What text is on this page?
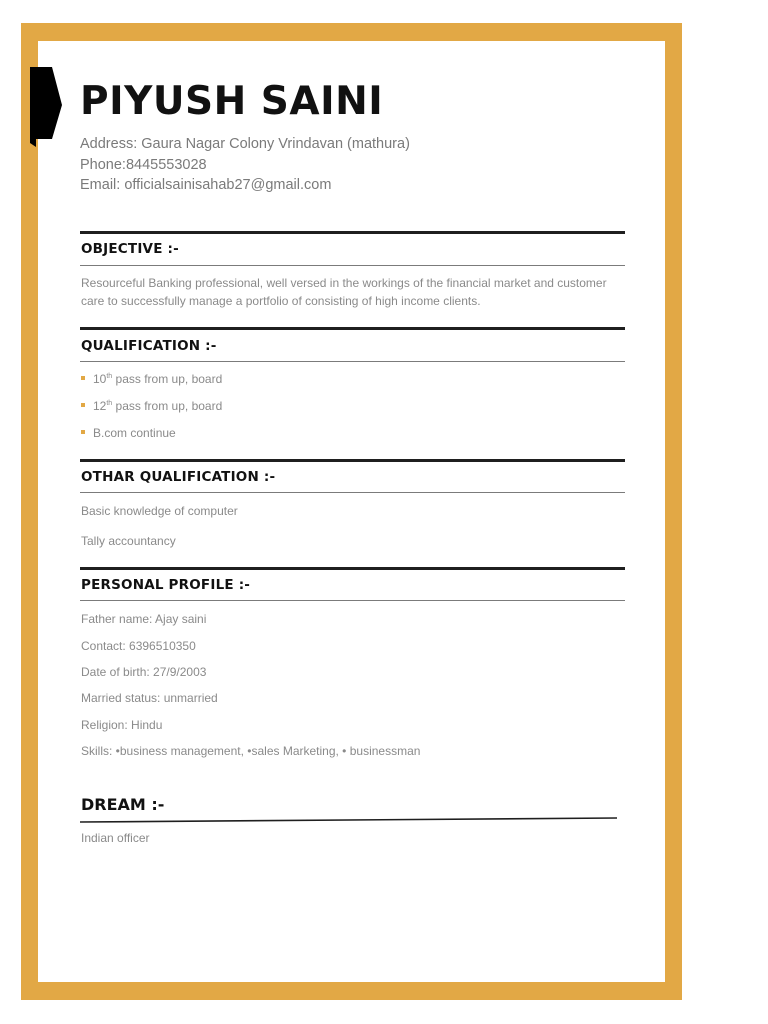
PIYUSH SAINI
Address: Gaura Nagar Colony Vrindavan (mathura)
Phone:8445553028
Email: officialsainisahab27@gmail.com
OBJECTIVE :-
Resourceful Banking professional, well versed in the workings of the financial market and customer care to successfully manage a portfolio of consisting of high income clients.
QUALIFICATION :-
10th pass from up, board
12th pass from up, board
B.com continue
OTHAR QUALIFICATION :-
Basic knowledge of computer
Tally accountancy
PERSONAL PROFILE :-
Father name: Ajay saini
Contact: 6396510350
Date of birth: 27/9/2003
Married status: unmarried
Religion: Hindu
Skills: •business management, •sales Marketing, • businessman
DREAM :-
Indian officer
